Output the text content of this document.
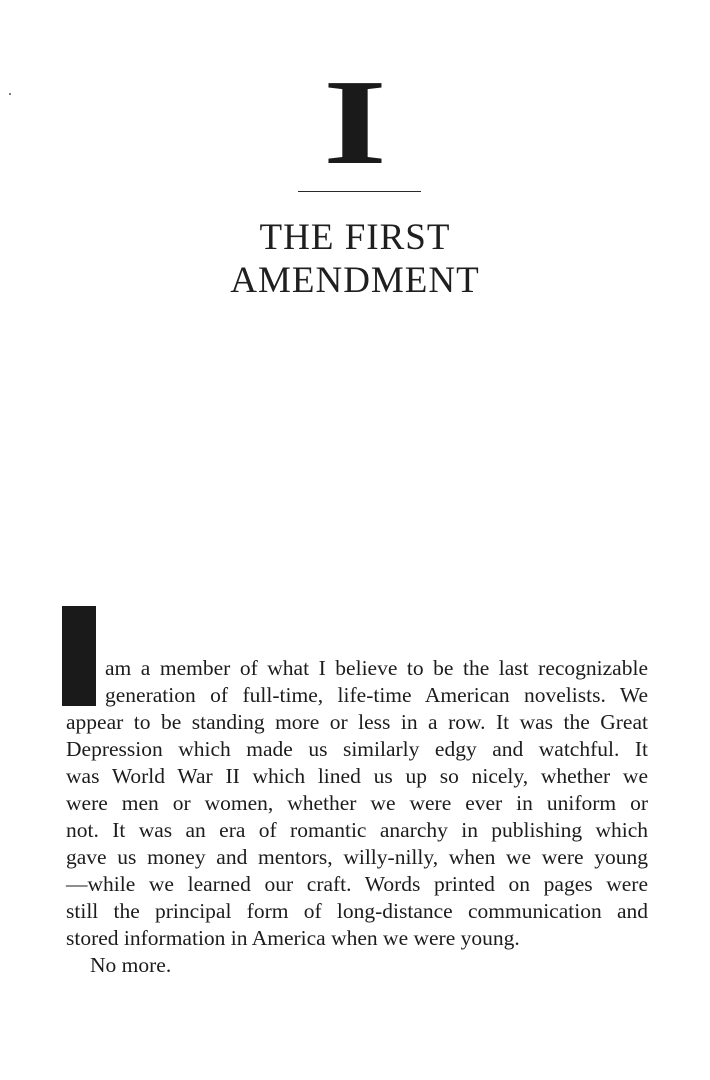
I
THE FIRST
AMENDMENT
am a member of what I believe to be the last recognizable
generation of full-time, life-time American novelists. We
appear to be standing more or less in a row. It was the Great
Depression which made us similarly edgy and watchful. It
was World War II which lined us up so nicely, whether we
were men or women, whether we were ever in uniform or
not. It was an era of romantic anarchy in publishing which
gave us money and mentors, willy-nilly, when we were young
—while we learned our craft. Words printed on pages were
still the principal form of long-distance communication and
stored information in America when we were young.
No more.
